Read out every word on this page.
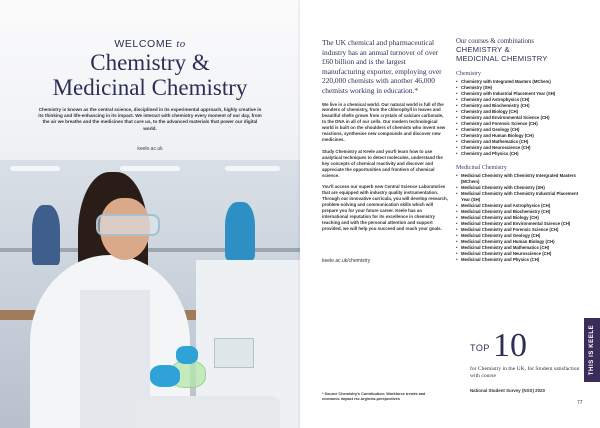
WELCOME to
Chemistry &
Medicinal Chemistry
Chemistry is known as the central science, disciplined in its experimental approach, highly creative in its thinking and life-enhancing in its impact. We interact with chemistry every moment of our day, from the air we breathe and the medicines that cure us, to the advanced materials that power our digital world.
keele.ac.uk
The UK chemical and pharmaceutical industry has an annual turnover of over £60 billion and is the largest manufacturing exporter, employing over 220,000 chemists with another 46,000 chemists working in education.*

We live in a chemical world. Our natural world is full of the wonders of chemistry, from the chlorophyll in leaves and beautiful shells grown from crystals of calcium carbonate, to the DNA in all of our cells. Our modern technological world is built on the shoulders of chemists who invent new reactions, synthesise new compounds and discover new medicines.

Study Chemistry at Keele and you'll learn how to use analytical techniques to detect molecules, understand the key concepts of chemical reactivity and discover and appreciate the opportunities and frontiers of chemical science.

You'll access our superb new Central Science Laboratories that are equipped with industry quality instrumentation. Through our innovative curricula, you will develop research, problem-solving and communication skills which will prepare you for your future career. Keele has an international reputation for its excellence in chemistry teaching and with the personal attention and support provided, we will help you succeed and reach your goals.

keele.ac.uk/chemistry
* Source Chemistry's Contribution: Workforce trends and economic impact rsc.org/new-perspectives
Our courses & combinations
CHEMISTRY &
MEDICINAL CHEMISTRY
Chemistry
• Chemistry with Integrated Masters (MChem)
• Chemistry (SH)
• Chemistry with Industrial Placement Year (SH)
• Chemistry and Astrophysics (CH)
• Chemistry and Biochemistry (CH)
• Chemistry and Biology (CH)
• Chemistry and Environmental Science (CH)
• Chemistry and Forensic Science (CH)
• Chemistry and Geology (CH)
• Chemistry and Human Biology (CH)
• Chemistry and Mathematics (CH)
• Chemistry and Neuroscience (CH)
• Chemistry and Physics (CH)
Medicinal Chemistry
• Medicinal Chemistry with Chemistry Intergrated Masters (MChem)
• Medicinal Chemistry with Chemistry (SH)
• Medicinal Chemistry with Chemistry Industrial Placement Year (SH)
• Medicinal Chemistry and Astrophysics (CH)
• Medicinal Chemistry and Biochemistry (CH)
• Medicinal Chemistry and Biology (CH)
• Medicinal Chemistry and Environmental Science (CH)
• Medicinal Chemistry and Forensic Science (CH)
• Medicinal Chemistry and Geology (CH)
• Medicinal Chemistry and Human Biology (CH)
• Medicinal Chemistry and Mathematics (CH)
• Medicinal Chemistry and Neuroscience (CH)
• Medicinal Chemistry and Physics (CH)
TOP 10
for Chemistry in the UK, for Student satisfaction with course
National Student Survey (NSS) 2020
THIS IS KEELE
77
